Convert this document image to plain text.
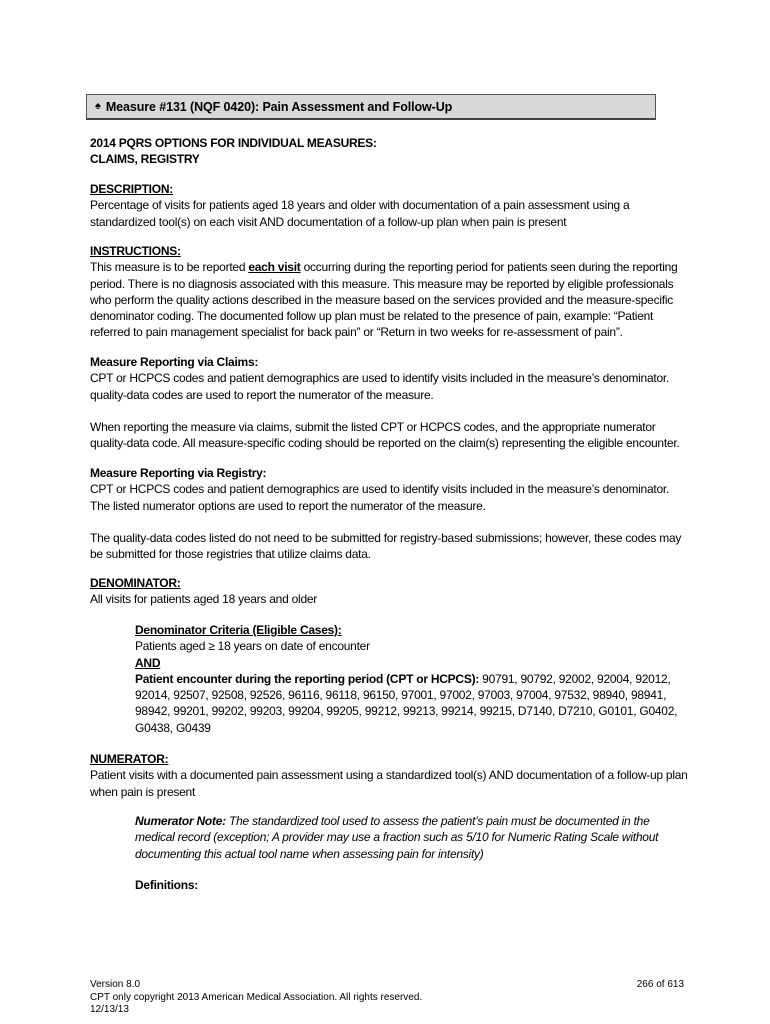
♠ Measure #131 (NQF 0420): Pain Assessment and Follow-Up

2014 PQRS OPTIONS FOR INDIVIDUAL MEASURES:

CLAIMS, REGISTRY

DESCRIPTION:

Percentage of visits for patients aged 18 years and older with documentation of a pain assessment using a standardized tool(s) on each visit AND documentation of a follow-up plan when pain is present

INSTRUCTIONS:

This measure is to be reported each visit occurring during the reporting period for patients seen during the reporting period. There is no diagnosis associated with this measure. This measure may be reported by eligible professionals who perform the quality actions described in the measure based on the services provided and the measure-specific denominator coding. The documented follow up plan must be related to the presence of pain, example: “Patient referred to pain management specialist for back pain” or “Return in two weeks for re-assessment of pain”.

Measure Reporting via Claims:

CPT or HCPCS codes and patient demographics are used to identify visits included in the measure’s denominator. quality-data codes are used to report the numerator of the measure.

When reporting the measure via claims, submit the listed CPT or HCPCS codes, and the appropriate numerator quality-data code. All measure-specific coding should be reported on the claim(s) representing the eligible encounter.

Measure Reporting via Registry:

CPT or HCPCS codes and patient demographics are used to identify visits included in the measure’s denominator. The listed numerator options are used to report the numerator of the measure.

The quality-data codes listed do not need to be submitted for registry-based submissions; however, these codes may be submitted for those registries that utilize claims data.

DENOMINATOR:

All visits for patients aged 18 years and older

Denominator Criteria (Eligible Cases):

Patients aged ≥ 18 years on date of encounter

AND

Patient encounter during the reporting period (CPT or HCPCS): 90791, 90792, 92002, 92004, 92012, 92014, 92507, 92508, 92526, 96116, 96118, 96150, 97001, 97002, 97003, 97004, 97532, 98940, 98941, 98942, 99201, 99202, 99203, 99204, 99205, 99212, 99213, 99214, 99215, D7140, D7210, G0101, G0402, G0438, G0439

NUMERATOR:

Patient visits with a documented pain assessment using a standardized tool(s) AND documentation of a follow-up plan when pain is present

Numerator Note: The standardized tool used to assess the patient’s pain must be documented in the medical record (exception; A provider may use a fraction such as 5/10 for Numeric Rating Scale without documenting this actual tool name when assessing pain for intensity)

Definitions:

Version 8.0
CPT only copyright 2013 American Medical Association. All rights reserved.
12/13/13
266 of 613
